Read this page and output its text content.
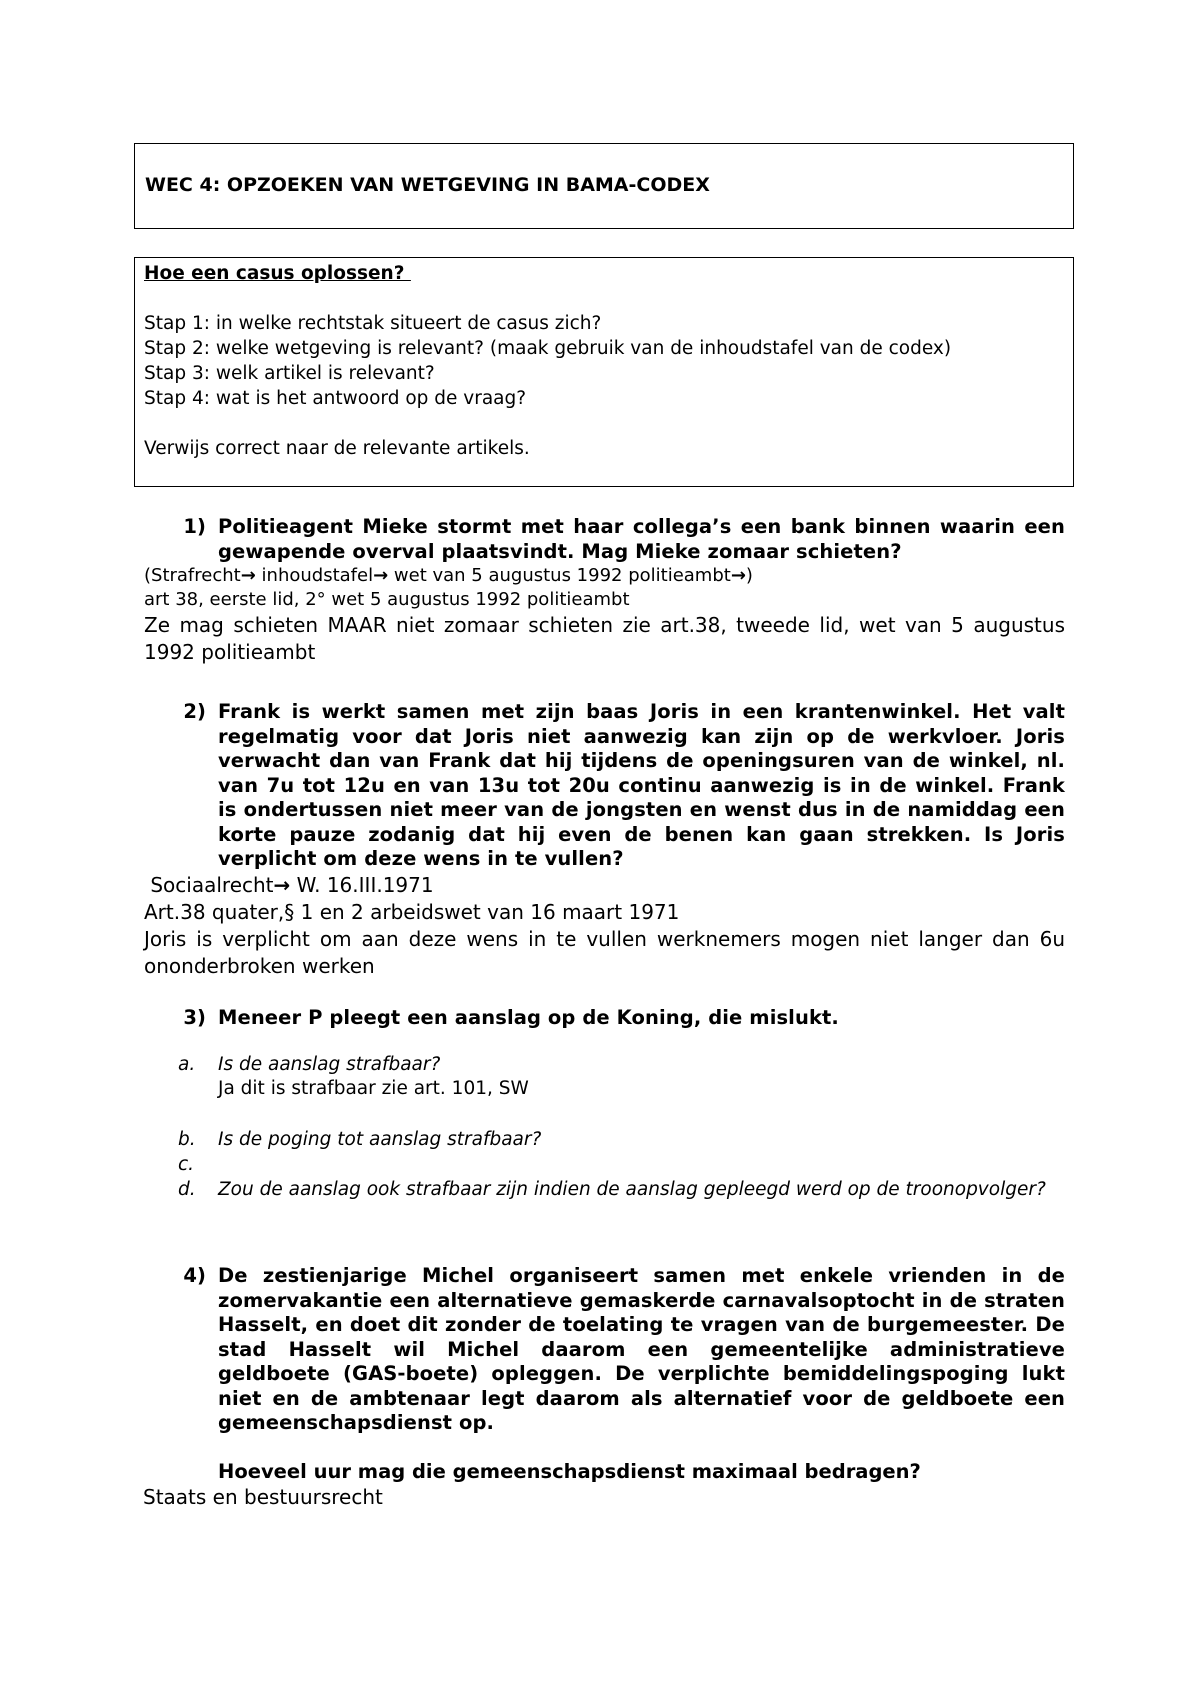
WEC 4: OPZOEKEN VAN WETGEVING IN BAMA-CODEX
Hoe een casus oplossen?
Stap 1: in welke rechtstak situeert de casus zich?
Stap 2: welke wetgeving is relevant? (maak gebruik van de inhoudstafel van de codex)
Stap 3: welk artikel is relevant?
Stap 4: wat is het antwoord op de vraag?
Verwijs correct naar de relevante artikels.
1) Politieagent Mieke stormt met haar collega’s een bank binnen waarin een gewapende overval plaatsvindt. Mag Mieke zomaar schieten?
(Strafrecht→ inhoudstafel→ wet van 5 augustus 1992 politieambt→)
art 38, eerste lid, 2° wet 5 augustus 1992 politieambt
Ze mag schieten MAAR niet zomaar schieten zie art.38, tweede lid, wet van 5 augustus 1992 politieambt
2) Frank is werkt samen met zijn baas Joris in een krantenwinkel. Het valt regelmatig voor dat Joris niet aanwezig kan zijn op de werkvloer. Joris verwacht dan van Frank dat hij tijdens de openingsuren van de winkel, nl. van 7u tot 12u en van 13u tot 20u continu aanwezig is in de winkel. Frank is ondertussen niet meer van de jongsten en wenst dus in de namiddag een korte pauze zodanig dat hij even de benen kan gaan strekken. Is Joris verplicht om deze wens in te vullen?
Sociaalrecht→ W. 16.III.1971
Art.38 quater,§ 1 en 2 arbeidswet van 16 maart 1971
Joris is verplicht om aan deze wens in te vullen werknemers mogen niet langer dan 6u ononderbroken werken
3) Meneer P pleegt een aanslag op de Koning, die mislukt.
a.	Is de aanslag strafbaar?
Ja dit is strafbaar zie art. 101, SW
b.	Is de poging tot aanslag strafbaar?
c.
d.	Zou de aanslag ook strafbaar zijn indien de aanslag gepleegd werd op de troonopvolger?
4) De zestienjarige Michel organiseert samen met enkele vrienden in de zomervakantie een alternatieve gemaskerde carnavalsoptocht in de straten Hasselt, en doet dit zonder de toelating te vragen van de burgemeester. De stad Hasselt wil Michel daarom een gemeentelijke administratieve geldboete (GAS-boete) opleggen. De verplichte bemiddelingspoging lukt niet en de ambtenaar legt daarom als alternatief voor de geldboete een gemeenschapsdienst op.
Hoeveel uur mag die gemeenschapsdienst maximaal bedragen?
Staats en bestuursrecht
